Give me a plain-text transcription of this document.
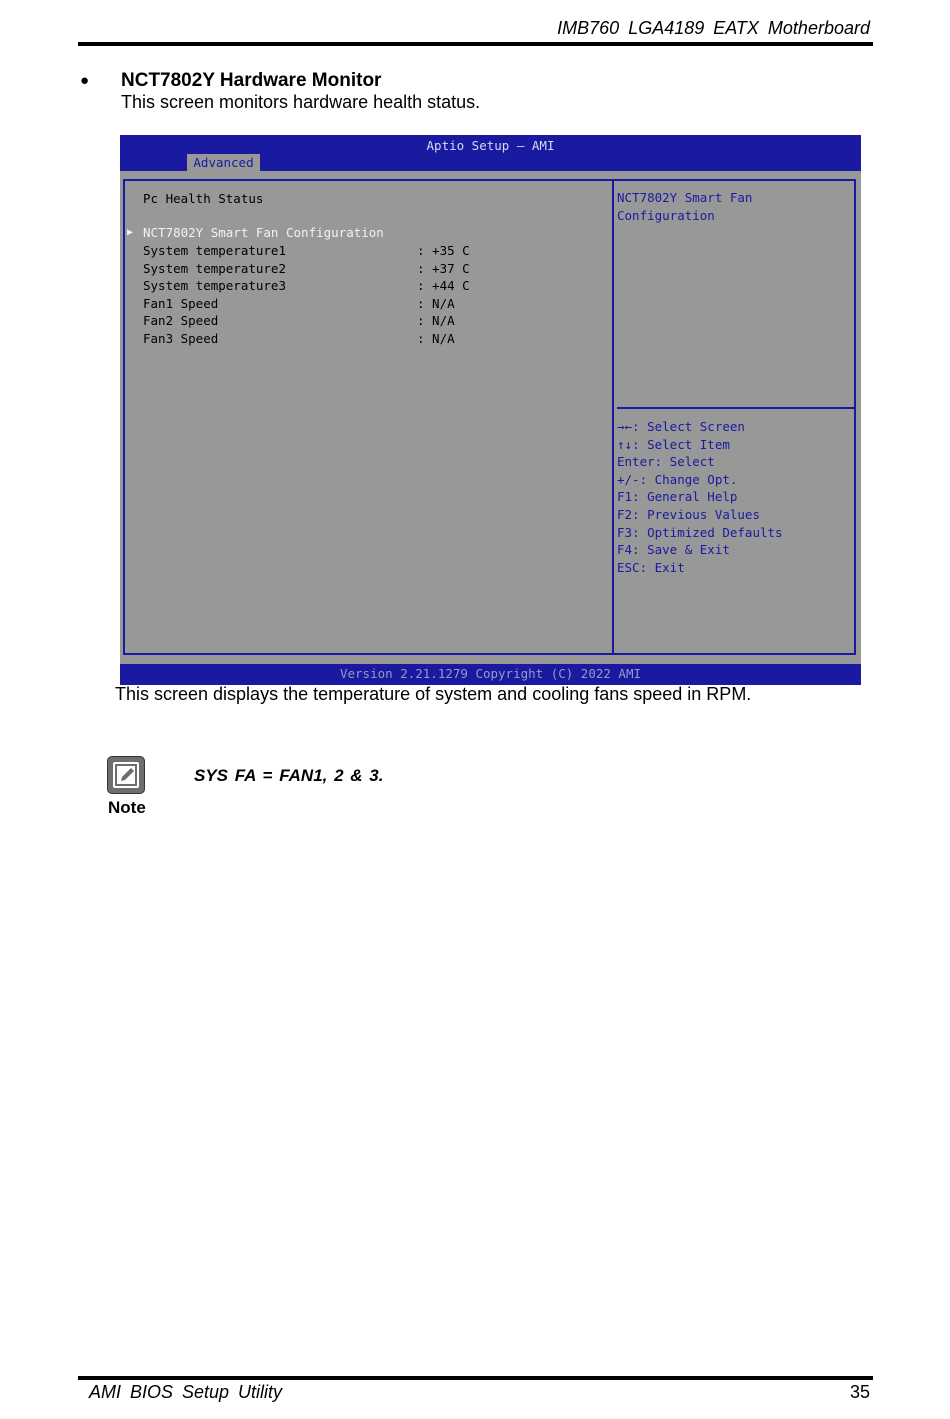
IMB760 LGA4189 EATX Motherboard
● NCT7802Y Hardware Monitor
This screen monitors hardware health status.
Aptio Setup – AMI
Advanced
Pc Health Status
▶ NCT7802Y Smart Fan Configuration
System temperature1	: +35 C
System temperature2	: +37 C
System temperature3	: +44 C
Fan1 Speed	: N/A
Fan2 Speed	: N/A
Fan3 Speed	: N/A
NCT7802Y Smart Fan
Configuration
→←: Select Screen
↑↓: Select Item
Enter: Select
+/-: Change Opt.
F1: General Help
F2: Previous Values
F3: Optimized Defaults
F4: Save & Exit
ESC: Exit
Version 2.21.1279 Copyright (C) 2022 AMI
This screen displays the temperature of system and cooling fans speed in RPM.
Note
SYS FA = FAN1, 2 & 3.
AMI BIOS Setup Utility	35
